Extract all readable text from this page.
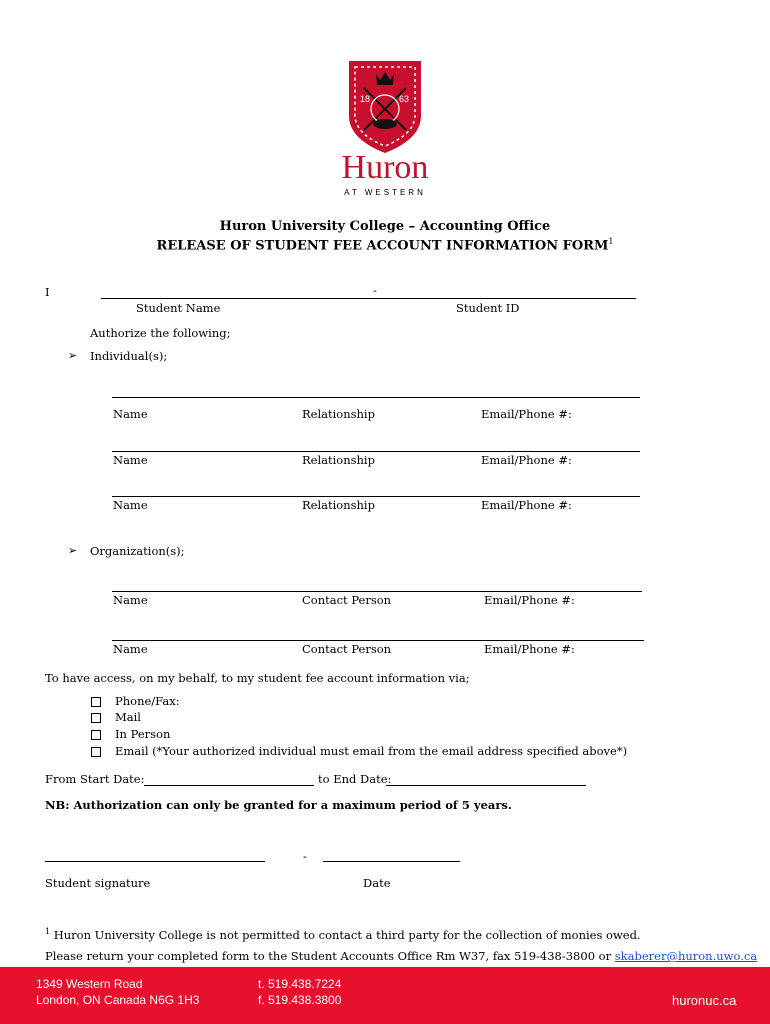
18	63
Huron
AT WESTERN
Huron University College – Accounting Office
RELEASE OF STUDENT FEE ACCOUNT INFORMATION FORM$^1$
I	-
Student Name	Student ID
Authorize the following;
➢ Individual(s);
Name	Relationship	Email/Phone #:
Name	Relationship	Email/Phone #:
Name	Relationship	Email/Phone #:
➢ Organization(s);
Name	Contact Person	Email/Phone #:
Name	Contact Person	Email/Phone #:
To have access, on my behalf, to my student fee account information via;
Phone/Fax:
Mail
In Person
Email (*Your authorized individual must email from the email address specified above*)
From Start Date:	to End Date:
NB: Authorization can only be granted for a maximum period of 5 years.
-
Student signature	Date
$^1$ Huron University College is not permitted to contact a third party for the collection of monies owed.
Please return your completed form to the Student Accounts Office Rm W37, fax 519-438-3800 or skaberer@huron.uwo.ca
1349 Western Road
London, ON Canada N6G 1H3
t. 519.438.7224
f. 519.438.3800	huronuc.ca
